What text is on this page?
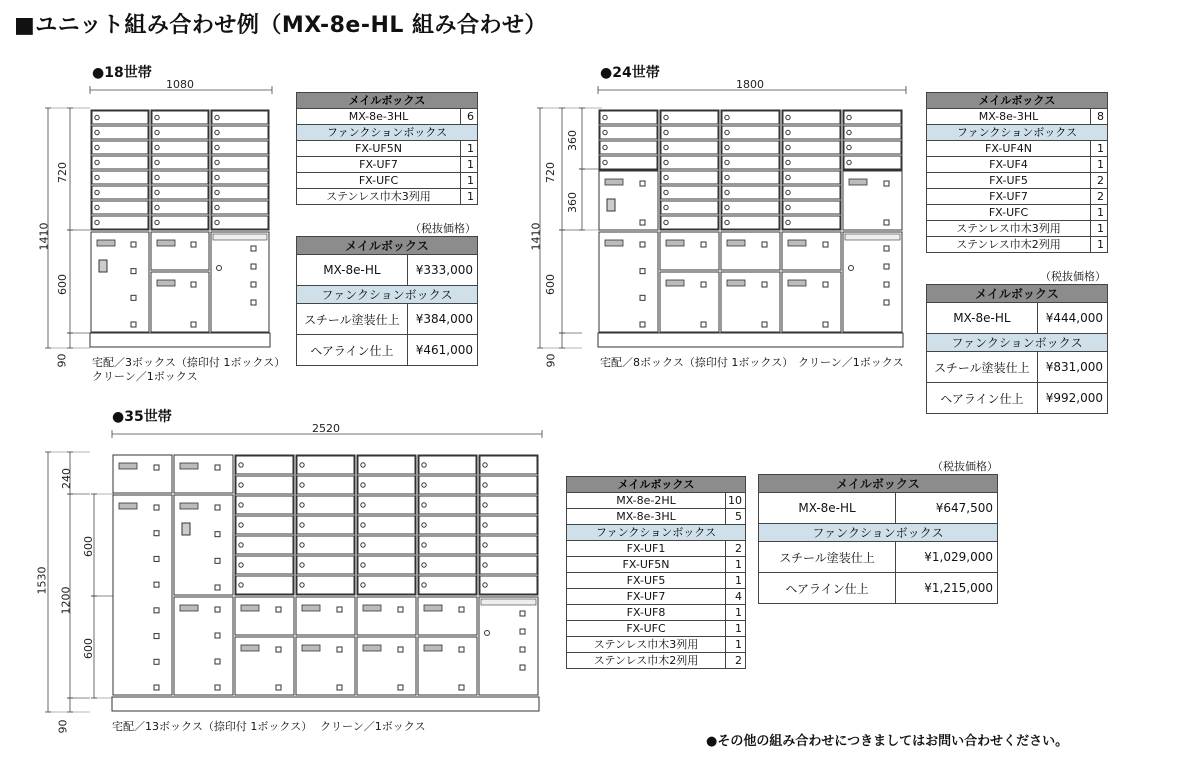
■ユニット組み合わせ例（MX-8e-HL 組み合わせ）
●18世帯
1080
1410
720
600
90 宅配／3ボックス（捺印付 1ボックス）
クリーン／1ボックス
メイルボックス	
MX-8e-3HL	6
ファンクションボックス	
FX-UF5N	1
FX-UF7	1
FX-UFC	1
ステンレス巾木3列用	1
（税抜価格）
メイルボックス	
MX-8e-HL	¥333,000
ファンクションボックス	
スチール塗装仕上	¥384,000
ヘアライン仕上	¥461,000
●24世帯
1800
1410
720
360
360
600
90	宅配／8ボックス（捺印付 1ボックス） クリーン／1ボックス
メイルボックス	
MX-8e-3HL	8
ファンクションボックス	
FX-UF4N	1
FX-UF4	1
FX-UF5	2
FX-UF7	2
FX-UFC	1
ステンレス巾木3列用	1
ステンレス巾木2列用	1
（税抜価格）
メイルボックス	
MX-8e-HL	¥444,000
ファンクションボックス	
スチール塗装仕上	¥831,000
ヘアライン仕上	¥992,000
●35世帯
2520
1530
240
1200
600
600
90	宅配／13ボックス（捺印付 1ボックス） クリーン／1ボックス
メイルボックス	
MX-8e-2HL	10
MX-8e-3HL	5
ファンクションボックス	
FX-UF1	2
FX-UF5N	1
FX-UF5	1
FX-UF7	4
FX-UF8	1
FX-UFC	1
ステンレス巾木3列用	1
ステンレス巾木2列用	2
（税抜価格）
メイルボックス	
MX-8e-HL	¥647,500
ファンクションボックス	
スチール塗装仕上	¥1,029,000
ヘアライン仕上	¥1,215,000
●その他の組み合わせにつきましてはお問い合わせください。
